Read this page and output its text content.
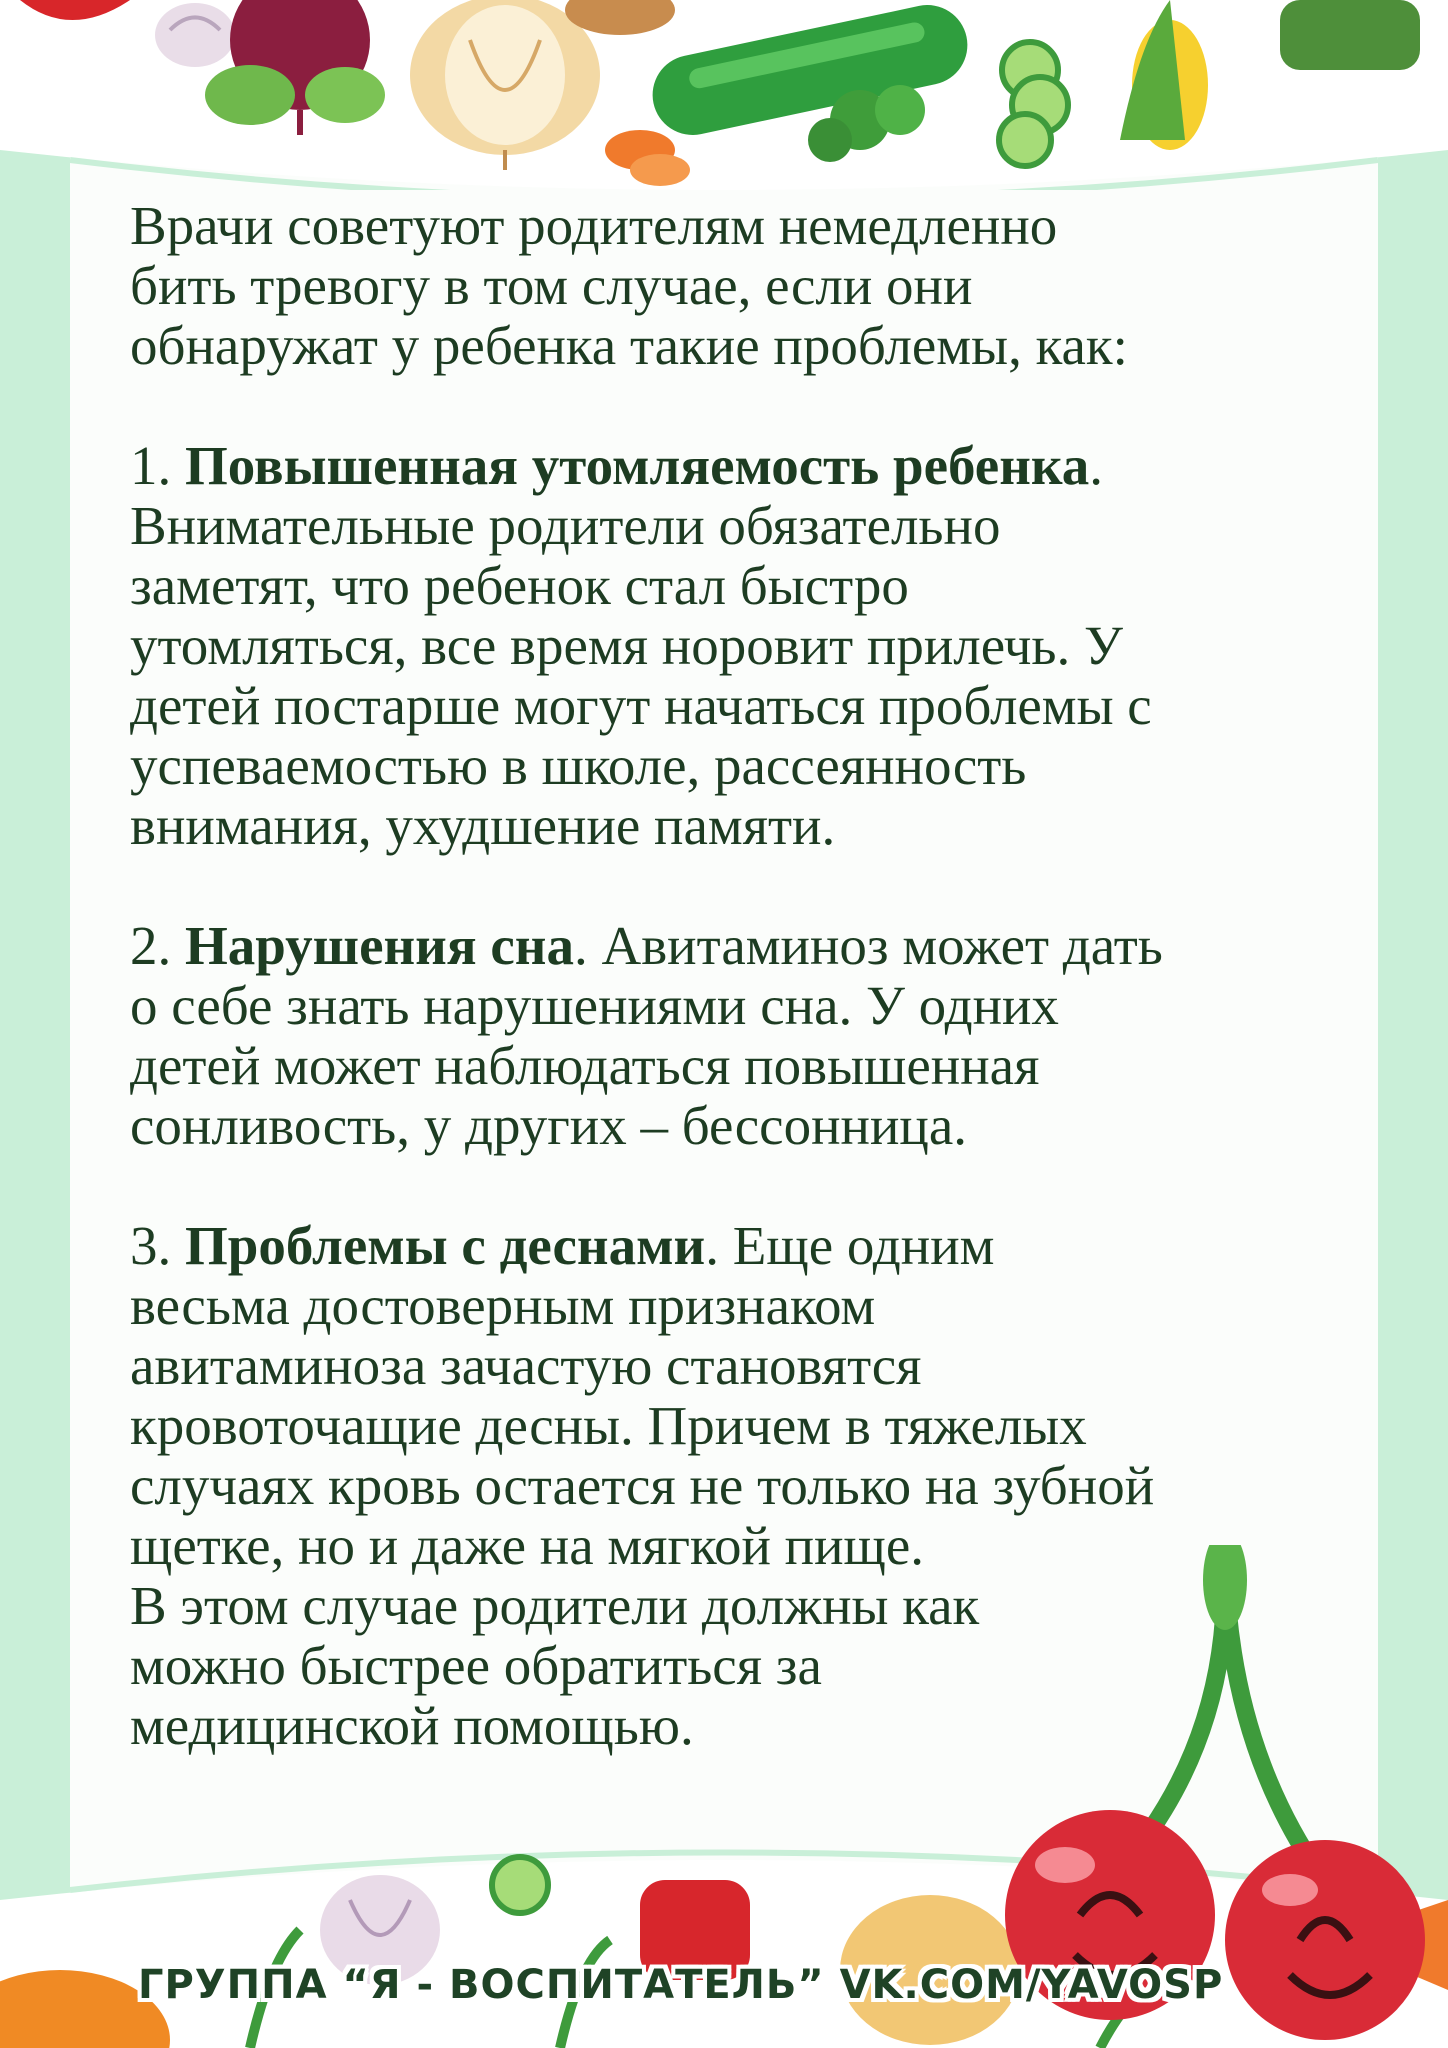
Врачи советуют родителям немедленно

бить тревогу в том случае, если они

обнаружат у ребенка такие проблемы, как:

1. Повышенная утомляемость ребенка.

Внимательные родители обязательно

заметят, что ребенок стал быстро

утомляться, все время норовит прилечь. У

детей постарше могут начаться проблемы с

успеваемостью в школе, рассеянность

внимания, ухудшение памяти.

2. Нарушения сна. Авитаминоз может дать

о себе знать нарушениями сна. У одних

детей может наблюдаться повышенная

сонливость, у других – бессонница.

3. Проблемы с деснами. Еще одним

весьма достоверным признаком

авитаминоза зачастую становятся

кровоточащие десны. Причем в тяжелых

случаях кровь остается не только на зубной

щетке, но и даже на мягкой пище.

В этом случае родители должны как

можно быстрее обратиться за

медицинской помощью.

ГРУППА “Я - ВОСПИТАТЕЛЬ” VK.COM/YAVOSP
